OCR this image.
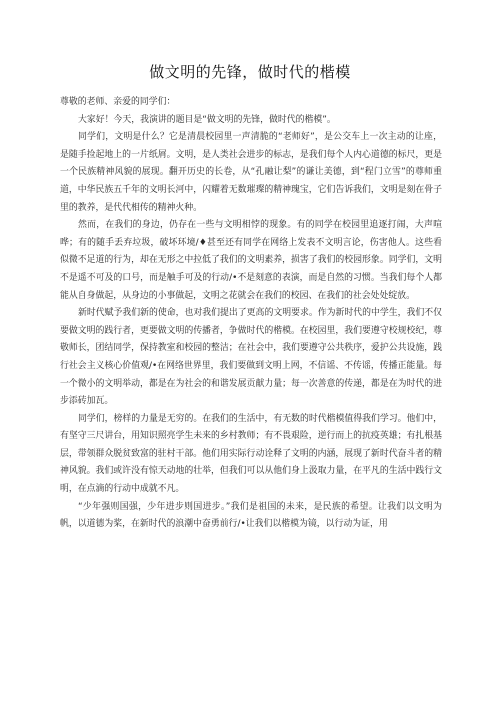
做文明的先锋，做时代的楷模

尊敬的老师、亲爱的同学们：

大家好！今天，我演讲的题目是“做文明的先锋，做时代的楷模”。

同学们，文明是什么？它是清晨校园里一声清脆的“老师好”，是公交车上一次主动的让座，是随手捡起地上的一片纸屑。文明，是人类社会进步的标志，是我们每个人内心道德的标尺，更是一个民族精神风貌的展现。翻开历史的长卷，从“孔融让梨”的谦让美德，到“程门立雪”的尊师重道，中华民族五千年的文明长河中，闪耀着无数璀璨的精神瑰宝，它们告诉我们，文明是刻在骨子里的教养，是代代相传的精神火种。

然而，在我们的身边，仍存在一些与文明相悖的现象。有的同学在校园里追逐打闹，大声喧哗；有的随手丢弃垃圾，破坏环境/♦甚至还有同学在网络上发表不文明言论，伤害他人。这些看似微不足道的行为，却在无形之中拉低了我们的文明素养，损害了我们的校园形象。同学们，文明不是遥不可及的口号，而是触手可及的行动/•不是刻意的表演，而是自然的习惯。当我们每个人都能从自身做起，从身边的小事做起，文明之花就会在我们的校园、在我们的社会处处绽放。

新时代赋予我们新的使命，也对我们提出了更高的文明要求。作为新时代的中学生，我们不仅要做文明的践行者，更要做文明的传播者，争做时代的楷模。在校园里，我们要遵守校规校纪，尊敬师长，团结同学，保持教室和校园的整洁；在社会中，我们要遵守公共秩序，爱护公共设施，践行社会主义核心价值观/•在网络世界里，我们要做到文明上网，不信谣、不传谣，传播正能量。每一个微小的文明举动，都是在为社会的和谐发展贡献力量；每一次善意的传递，都是在为时代的进步添砖加瓦。

同学们，榜样的力量是无穷的。在我们的生活中，有无数的时代楷模值得我们学习。他们中，有坚守三尺讲台，用知识照亮学生未来的乡村教师；有不畏艰险，逆行而上的抗疫英雄；有扎根基层，带领群众脱贫致富的驻村干部。他们用实际行动诠释了文明的内涵，展现了新时代奋斗者的精神风貌。我们或许没有惊天动地的壮举，但我们可以从他们身上汲取力量，在平凡的生活中践行文明，在点滴的行动中成就不凡。

“少年强则国强，少年进步则国进步。”我们是祖国的未来，是民族的希望。让我们以文明为帆，以道德为桨，在新时代的浪潮中奋勇前行/•让我们以楷模为镜，以行动为证，用
